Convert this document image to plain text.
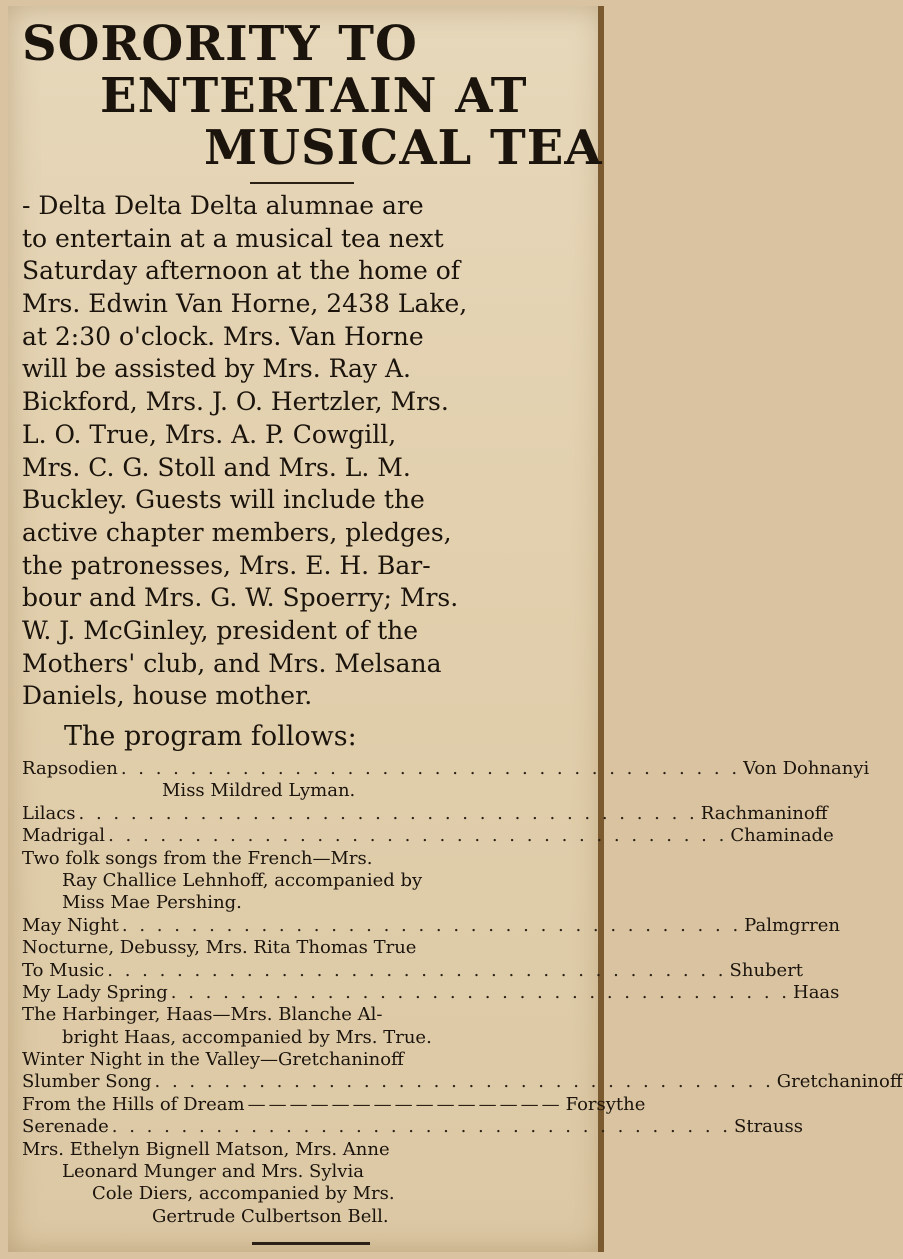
SORORITY TO
ENTERTAIN AT
MUSICAL TEA
- Delta Delta Delta alumnae are
to entertain at a musical tea next
Saturday afternoon at the home of
Mrs. Edwin Van Horne, 2438 Lake,
at 2:30 o'clock. Mrs. Van Horne
will be assisted by Mrs. Ray A.
Bickford, Mrs. J. O. Hertzler, Mrs.
L. O. True, Mrs. A. P. Cowgill,
Mrs. C. G. Stoll and Mrs. L. M.
Buckley. Guests will include the
active chapter members, pledges,
the patronesses, Mrs. E. H. Bar-
bour and Mrs. G. W. Spoerry; Mrs.
W. J. McGinley, president of the
Mothers' club, and Mrs. Melsana
Daniels, house mother.
The program follows:
Rapsodien . . . . . . . . . . . . . . . . . . . . . . . . . . . . . . . . . . . . Von Dohnanyi
Miss Mildred Lyman.
Lilacs . . . . . . . . . . . . . . . . . . . . . . . . . . . . . . . . . . . . Rachmaninoff
Madrigal . . . . . . . . . . . . . . . . . . . . . . . . . . . . . . . . . . . . Chaminade
Two folk songs from the French—Mrs.
Ray Challice Lehnhoff, accompanied by
Miss Mae Pershing.
May Night . . . . . . . . . . . . . . . . . . . . . . . . . . . . . . . . . . . . Palmgrren
Nocturne, Debussy, Mrs. Rita Thomas True
To Music . . . . . . . . . . . . . . . . . . . . . . . . . . . . . . . . . . . . Shubert
My Lady Spring . . . . . . . . . . . . . . . . . . . . . . . . . . . . . . . . . . . . Haas
The Harbinger, Haas—Mrs. Blanche Al-
bright Haas, accompanied by Mrs. True.
Winter Night in the Valley—Gretchaninoff
Slumber Song . . . . . . . . . . . . . . . . . . . . . . . . . . . . . . . . . . . . Gretchaninoff
From the Hills of Dream ——————————————— Forsythe
Serenade . . . . . . . . . . . . . . . . . . . . . . . . . . . . . . . . . . . . Strauss
Mrs. Ethelyn Bignell Matson, Mrs. Anne
Leonard Munger and Mrs. Sylvia
Cole Diers, accompanied by Mrs.
Gertrude Culbertson Bell.
